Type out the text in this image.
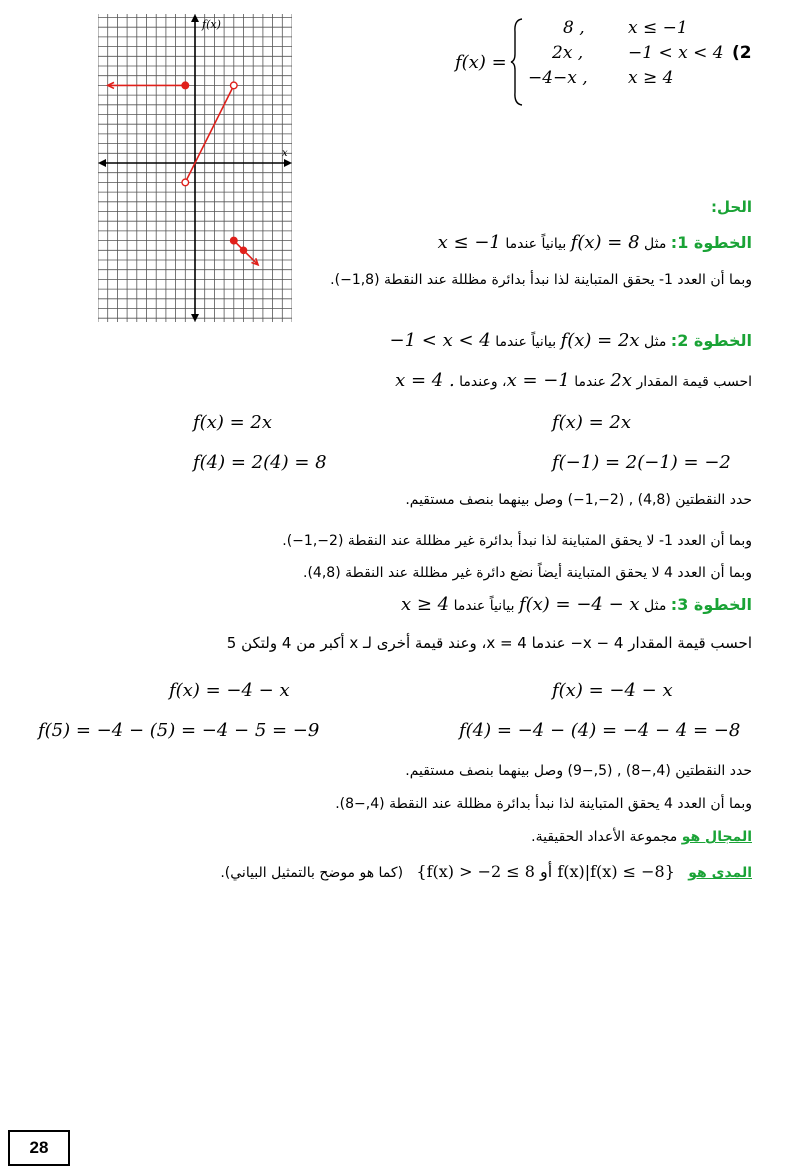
f(x)
x
f(x) =
8 ,	x ≤ −1
2x ,	−1 < x < 4
−4−x , x ≥ 4
(2
الحل:
الخطوة 1: مثل f(x) = 8 بيانياً عندما x ≤ −1
وبما أن العدد 1- يحقق المتباينة لذا نبدأ بدائرة مظللة عند النقطة (1,8−).
الخطوة 2: مثل f(x) = 2x بيانياً عندما −1 < x < 4
احسب قيمة المقدار 2x عندما x = −1، وعندما x = 4 .
f(x) = 2x
f(4) = 2(4) = 8
f(x) = 2x
f(−1) = 2(−1) = −2
حدد النقطتين (4,8) , (2−,1−) وصل بينهما بنصف مستقيم.
وبما أن العدد 1- لا يحقق المتباينة لذا نبدأ بدائرة غير مظللة عند النقطة (2−,1−).
وبما أن العدد 4 لا يحقق المتباينة أيضاً نضع دائرة غير مظللة عند النقطة (4,8).
الخطوة 3: مثل f(x) = −4 − x بيانياً عندما x ≥ 4
احسب قيمة المقدار x − 4− عندما x = 4، وعند قيمة أخرى لـ x أكبر من 4 ولتكن 5
f(x) = −4 − x
f(5) = −4 − (5) = −4 − 5 = −9
f(x) = −4 − x
f(4) = −4 − (4) = −4 − 4 = −8
حدد النقطتين (4,−8) , (5,−9) وصل بينهما بنصف مستقيم.
وبما أن العدد 4 يحقق المتباينة لذا نبدأ بدائرة مظللة عند النقطة (4,−8).
المجال هو مجموعة الأعداد الحقيقية.
المدى هو   {f(x)|f(x) ≤ −8 أو 8 ≥ f(x) > −2}   (كما هو موضح بالتمثيل البياني).
28
